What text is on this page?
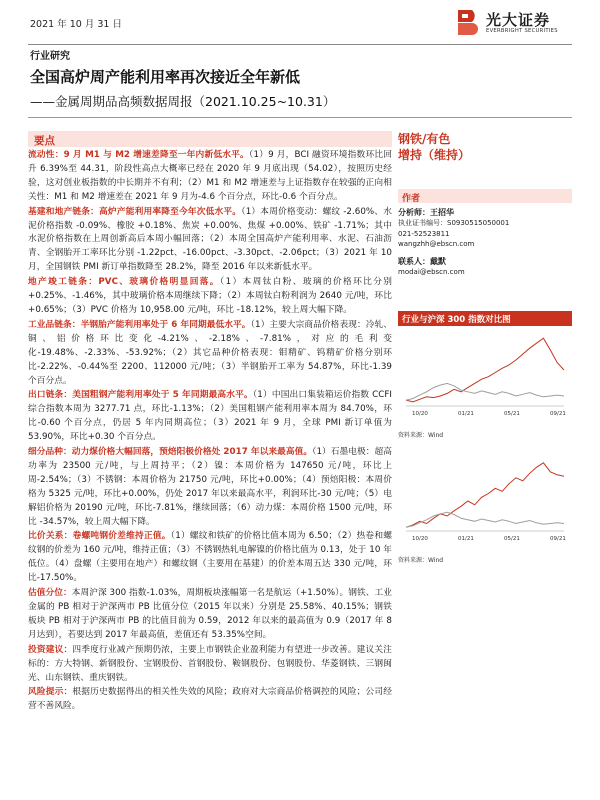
2021 年 10 月 31 日	光大证券
EVERBRIGHT SECURITIES
行业研究
全国高炉周产能利用率再次接近全年新低
——金属周期品高频数据周报（2021.10.25~10.31）
要点

流动性：9 月 M1 与 M2 增速差降至一年内新低水平。（1）9 月，BCI 融资环境指数环比回升 6.39%至 44.31，阶段性高点大概率已经在 2020 年 9 月底出现（54.02），按照历史经验，这对创业板指数的中长期并不有利；（2）M1 和 M2 增速差与上证指数存在较强的正向相关性：M1 和 M2 增速差在 2021 年 9 月为-4.6 个百分点，环比-0.6 个百分点。

基建和地产链条：高炉产能利用率降至今年次低水平。（1）本周价格变动：螺纹 -2.60%、水泥价格指数 -0.09%、橡胶 +0.18%、焦炭 +0.00%、焦煤 +0.00%、铁矿 -1.71%；其中水泥价格指数在上周创新高后本周小幅回落；（2）本周全国高炉产能利用率、水泥、石油沥青、全钢胎开工率环比分别 -1.22pct、-16.00pct、-3.30pct、-2.06pct；（3）2021 年 10 月，全国钢铁 PMI 新订单指数降至 28.2%，降至 2016 年以来新低水平。

地产竣工链条：PVC、玻璃价格明显回落。（1）本周钛白粉、玻璃的价格环比分别+0.25%、-1.46%，其中玻璃价格本周继续下降；（2）本周钛白粉利润为 2640 元/吨，环比+0.65%；（3）PVC 价格为 10,958.00 元/吨，环比 -18.12%，较上周大幅下降。

工业品链条：半钢胎产能利用率处于 6 年同期最低水平。（1）主要大宗商品价格表现：冷轧、铜、铝价格环比变化-4.21%、-2.18%、-7.81%，对应的毛利变化-19.48%、-2.33%、-53.92%；（2）其它品种价格表现：钼精矿、钨精矿价格分别环比-2.22%、-0.44%至 2200、112000 元/吨；（3）半钢胎开工率为 54.87%，环比-1.39 个百分点。

出口链条：美国粗钢产能利用率处于 5 年同期最高水平。（1）中国出口集装箱运价指数 CCFI 综合指数本周为 3277.71 点，环比-1.13%；（2）美国粗钢产能利用率本周为 84.70%，环比-0.60 个百分点，仍居 5 年内同期高位；（3）2021 年 9 月，全球 PMI 新订单值为 53.90%，环比+0.30 个百分点。

细分品种：动力煤价格大幅回落，预焙阳极价格处 2017 年以来最高值。（1）石墨电极：超高功率为 23500 元/吨，与上周持平；（2）镍：本周价格为 147650 元/吨，环比上周-2.54%；（3）不锈钢：本周价格为 21750 元/吨，环比+0.00%；（4）预焙阳极：本周价格为 5325 元/吨，环比+0.00%，仍处 2017 年以来最高水平，利润环比-30 元/吨；（5）电解铝价格为 20190 元/吨，环比-7.81%，继续回落；（6）动力煤：本周价格 1500 元/吨，环比 -34.57%，较上周大幅下降。

比价关系：卷螺吨钢价差维持正值。（1）螺纹和铁矿的价格比值本周为 6.50；（2）热卷和螺纹钢的价差为 160 元/吨，维持正值；（3）不锈钢热轧电解镍的价格比值为 0.13，处于 10 年低位。（4）盘螺（主要用在地产）和螺纹钢（主要用在基建）的价差本周五达 330 元/吨，环比-17.50%。

估值分位：本周沪深 300 指数-1.03%，周期板块涨幅第一名是航运（+1.50%）。钢铁、工业金属的 PB 相对于沪深两市 PB 比值分位（2015 年以来）分别是 25.58%、40.15%；钢铁板块 PB 相对于沪深两市 PB 的比值目前为 0.59，2012 年以来的最高值为 0.9（2017 年 8 月达到），若要达到 2017 年最高值，差值还有 53.35%空间。

投资建议：四季度行业减产预期仍浓，主要上市钢铁企业盈利能力有望进一步改善。建议关注标的：方大特钢、新钢股份、宝钢股份、首钢股份、鞍钢股份、包钢股份、华菱钢铁、三钢闽光、山东钢铁、重庆钢铁。

风险提示：根据历史数据得出的相关性失效的风险；政府对大宗商品价格调控的风险；公司经营不善风险。

钢铁/有色
增持（维持）
作者
分析师：王招华
执业证书编号：S0930515050001
021-52523811
wangzhh@ebscn.com
联系人：戴默
modai@ebscn.com
行业与沪深 300 指数对比图
10/20	01/21	05/21	09/21
资料来源：Wind
10/20	01/21	05/21	09/21
资料来源：Wind
